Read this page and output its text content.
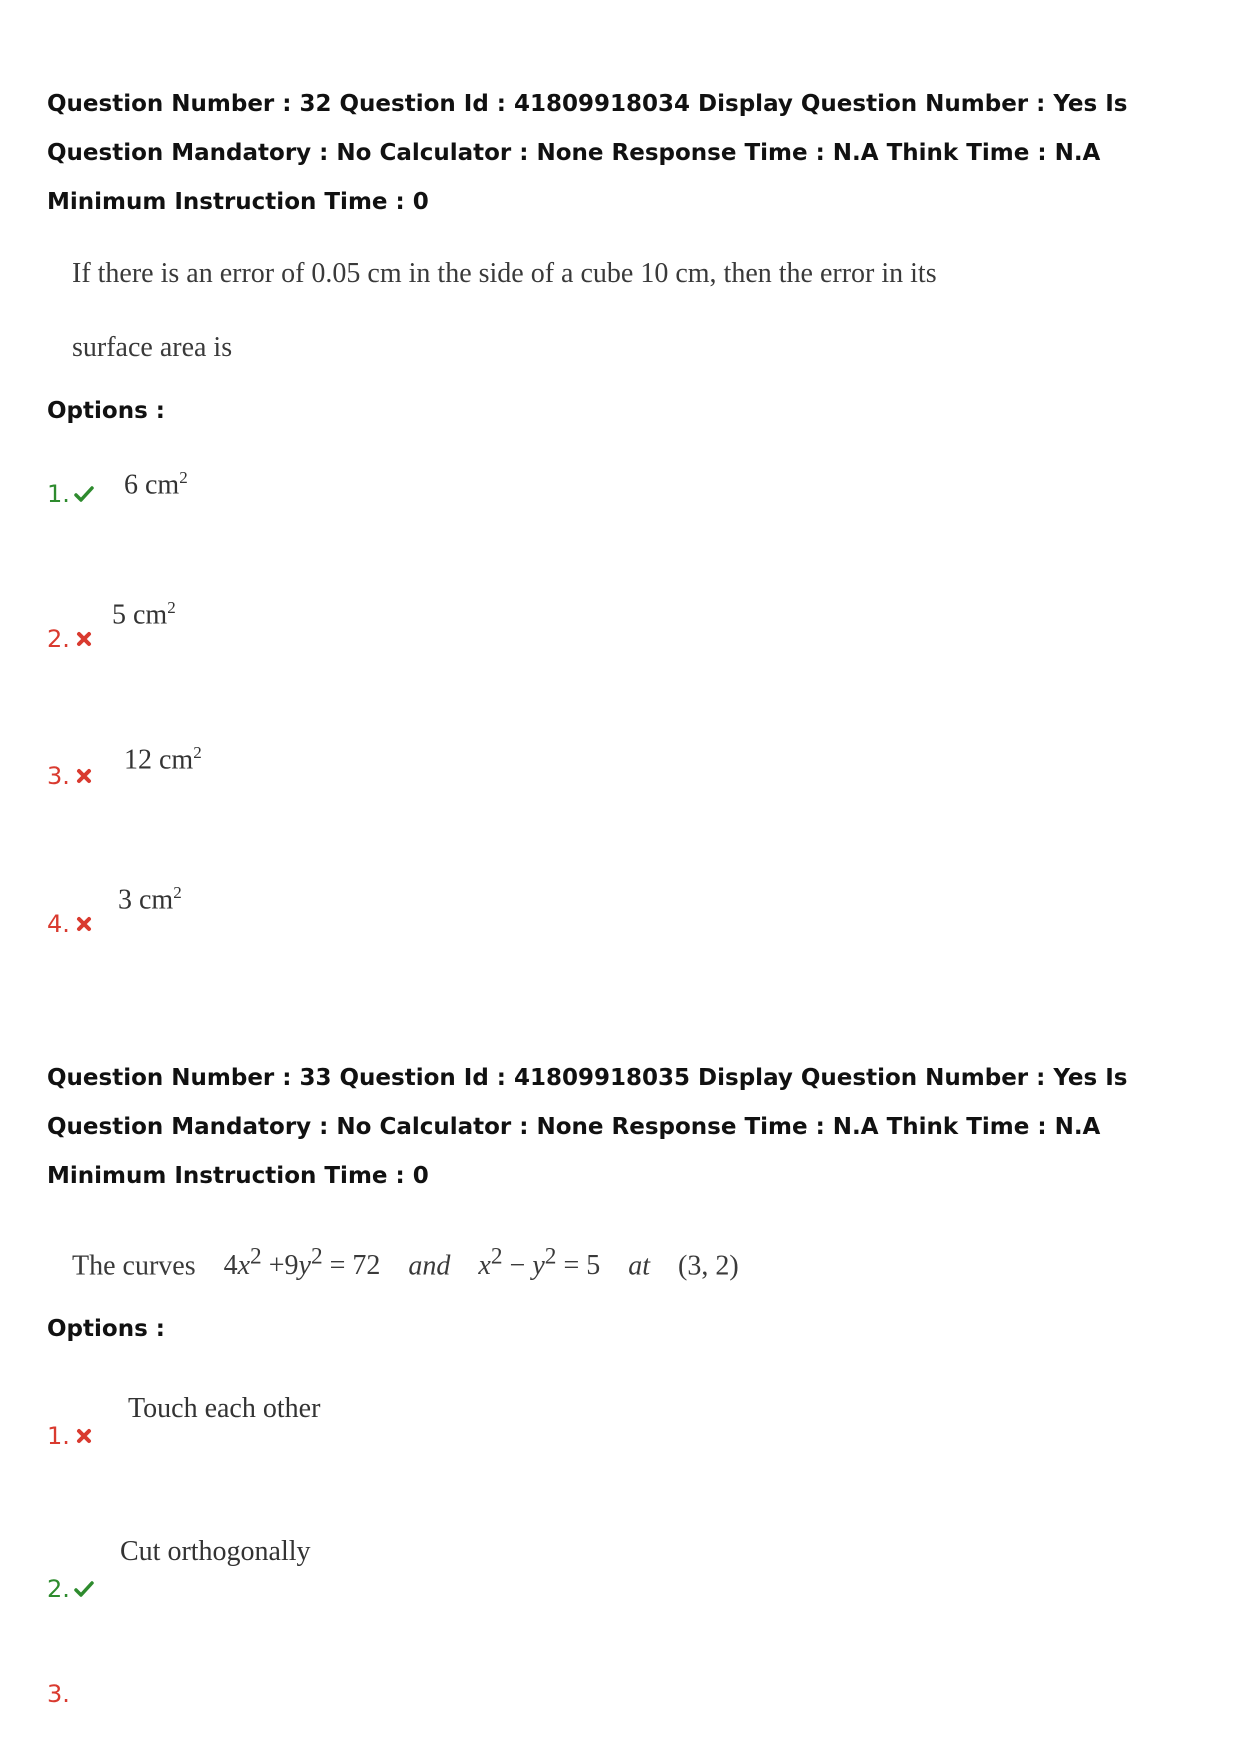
Question Number : 32 Question Id : 41809918034 Display Question Number : Yes Is Question Mandatory : No Calculator : None Response Time : N.A Think Time : N.A Minimum Instruction Time : 0

If there is an error of 0.05 cm in the side of a cube 10 cm, then the error in its

surface area is

Options :

1. 6 $cm^2$
2.
5 $cm^2$
3.
12 $cm^2$
4.
3 $cm^2$

Question Number : 33 Question Id : 41809918035 Display Question Number : Yes Is Question Mandatory : No Calculator : None Response Time : N.A Think Time : N.A Minimum Instruction Time : 0

The curves $4x^2 +9y^2 = 72$ and $x^2 - y^2 = 5$ at (3, 2)

Options :

1.
Touch each other
2.
Cut orthogonally
3.
